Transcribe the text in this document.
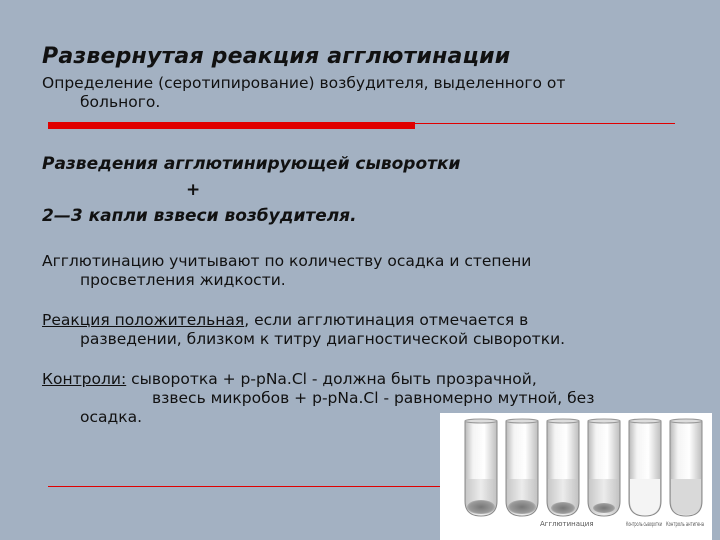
Развернутая реакция агглютинации
Определение (серотипирование) возбудителя, выделенного от
больного.
Разведения агглютинирующей сыворотки
+
2—3 капли взвеси возбудителя.
Агглютинацию учитывают по количеству осадка и степени
просветления жидкости.
Реакция положительная, если агглютинация отмечается в
разведении, близком к титру диагностической сыворотки.
Контроли: сыворотка + р-рNa.Cl - должна быть прозрачной,
взвесь микробов + р-рNa.Cl - равномерно мутной, без
осадка.
Агглютинация	Контроль сыворотки Контроль антигена
